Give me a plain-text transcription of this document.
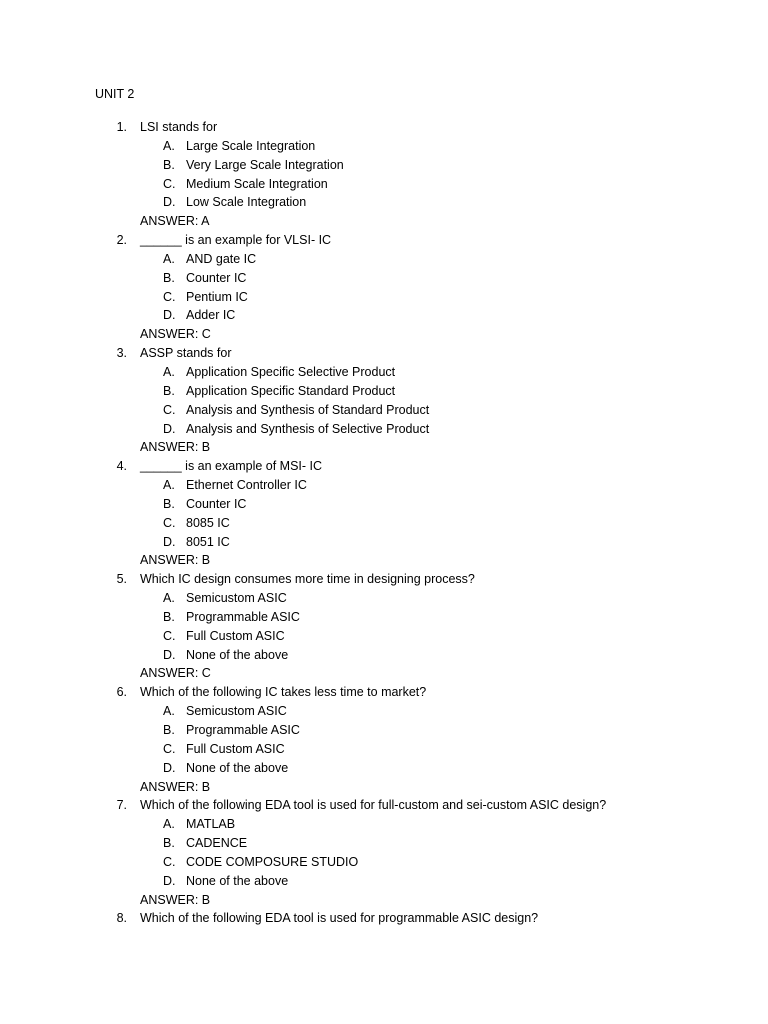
UNIT 2
1. LSI stands for
A. Large Scale Integration
B. Very Large Scale Integration
C. Medium Scale Integration
D. Low Scale Integration
ANSWER: A
2. ______ is an example for VLSI- IC
A. AND gate IC
B. Counter IC
C. Pentium IC
D. Adder IC
ANSWER: C
3. ASSP stands for
A. Application Specific Selective Product
B. Application Specific Standard Product
C. Analysis and Synthesis of Standard Product
D. Analysis and Synthesis of Selective Product
ANSWER: B
4. ______ is an example of MSI- IC
A. Ethernet Controller IC
B. Counter IC
C. 8085 IC
D. 8051 IC
ANSWER: B
5. Which IC design consumes more time in designing process?
A. Semicustom ASIC
B. Programmable ASIC
C. Full Custom ASIC
D. None of the above
ANSWER: C
6. Which of the following IC takes less time to market?
A. Semicustom ASIC
B. Programmable ASIC
C. Full Custom ASIC
D. None of the above
ANSWER: B
7. Which of the following EDA tool is used for full-custom and sei-custom ASIC design?
A. MATLAB
B. CADENCE
C. CODE COMPOSURE STUDIO
D. None of the above
ANSWER: B
8. Which of the following EDA tool is used for programmable ASIC design?
